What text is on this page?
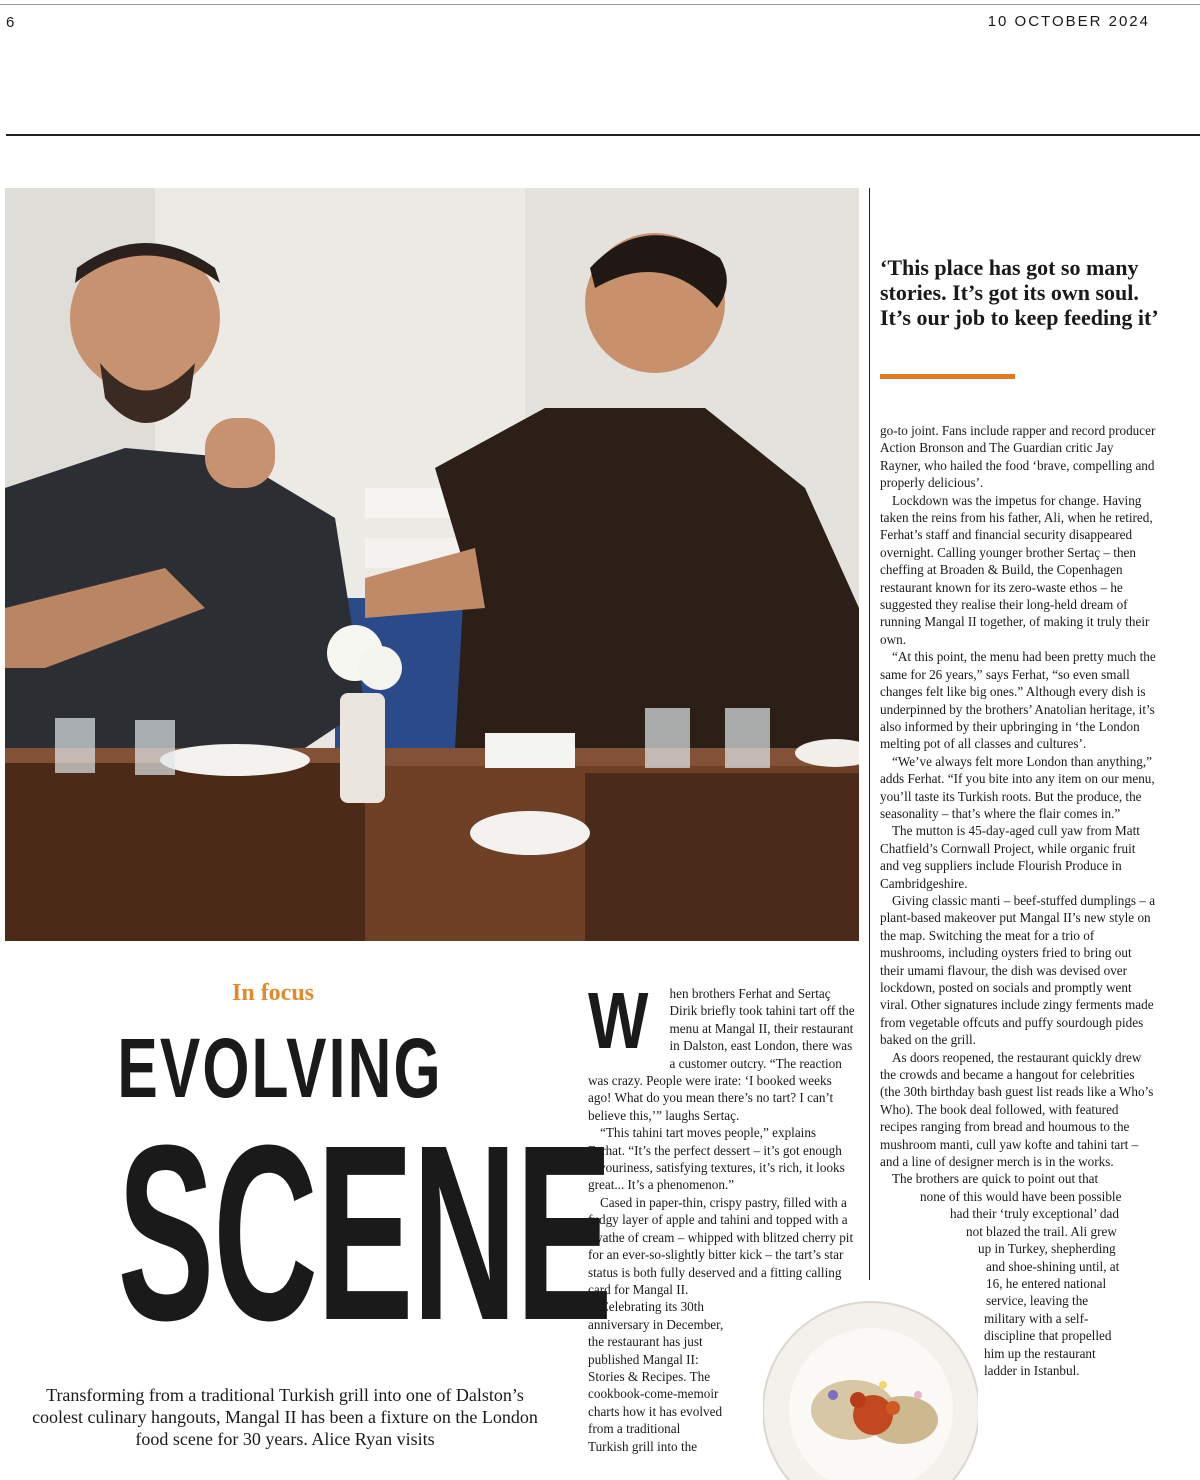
6	10 OCTOBER 2024
‘This place has got so many stories. It’s got its own soul. It’s our job to keep feeding it’
In focus
EVOLVING
SCENE
Transforming from a traditional Turkish grill into one of Dalston’s coolest culinary hangouts, Mangal II has been a fixture on the London food scene for 30 years. Alice Ryan visits
W	hen brothers Ferhat and Sertaç Dirik briefly took tahini tart off the menu at Mangal II, their restaurant in Dalston, east London, there was a customer outcry. “The reaction was crazy. People were irate: ‘I booked weeks ago! What do you mean there’s no tart? I can’t believe this,’” laughs Sertaç.

“This tahini tart moves people,” explains Ferhat. “It’s the perfect dessert – it’s got enough savouriness, satisfying textures, it’s rich, it looks great... It’s a phenomenon.”

Cased in paper-thin, crispy pastry, filled with a fudgy layer of apple and tahini and topped with a swathe of cream – whipped with blitzed cherry pit for an ever-so-slightly bitter kick – the tart’s star status is both fully deserved and a fitting calling card for Mangal II.

Celebrating its 30th
anniversary in December,
the restaurant has just
published Mangal II:
Stories & Recipes. The
cookbook-come-memoir
charts how it has evolved
from a traditional
Turkish grill into the

go-to joint. Fans include rapper and record producer Action Bronson and The Guardian critic Jay Rayner, who hailed the food ‘brave, compelling and properly delicious’.

Lockdown was the impetus for change. Having taken the reins from his father, Ali, when he retired, Ferhat’s staff and financial security disappeared overnight. Calling younger brother Sertaç – then cheffing at Broaden & Build, the Copenhagen restaurant known for its zero-waste ethos – he suggested they realise their long-held dream of running Mangal II together, of making it truly their own.

“At this point, the menu had been pretty much the same for 26 years,” says Ferhat, “so even small changes felt like big ones.” Although every dish is underpinned by the brothers’ Anatolian heritage, it’s also informed by their upbringing in ‘the London melting pot of all classes and cultures’.

“We’ve always felt more London than anything,” adds Ferhat. “If you bite into any item on our menu, you’ll taste its Turkish roots. But the produce, the seasonality – that’s where the flair comes in.”

The mutton is 45-day-aged cull yaw from Matt Chatfield’s Cornwall Project, while organic fruit and veg suppliers include Flourish Produce in Cambridgeshire.

Giving classic manti – beef-stuffed dumplings – a plant-based makeover put Mangal II’s new style on the map. Switching the meat for a trio of mushrooms, including oysters fried to bring out their umami flavour, the dish was devised over lockdown, posted on socials and promptly went viral. Other signatures include zingy ferments made from vegetable offcuts and puffy sourdough pides baked on the grill.

As doors reopened, the restaurant quickly drew the crowds and became a hangout for celebrities (the 30th birthday bash guest list reads like a Who’s Who). The book deal followed, with featured recipes ranging from bread and houmous to the mushroom manti, cull yaw kofte and tahini tart – and a line of designer merch is in the works.

The brothers are quick to point out that
none of this would have been possible
had their ‘truly exceptional’ dad
not blazed the trail. Ali grew
up in Turkey, shepherding
and shoe-shining until, at
16, he entered national
service, leaving the
military with a self-
discipline that propelled
him up the restaurant
ladder in Istanbul.
